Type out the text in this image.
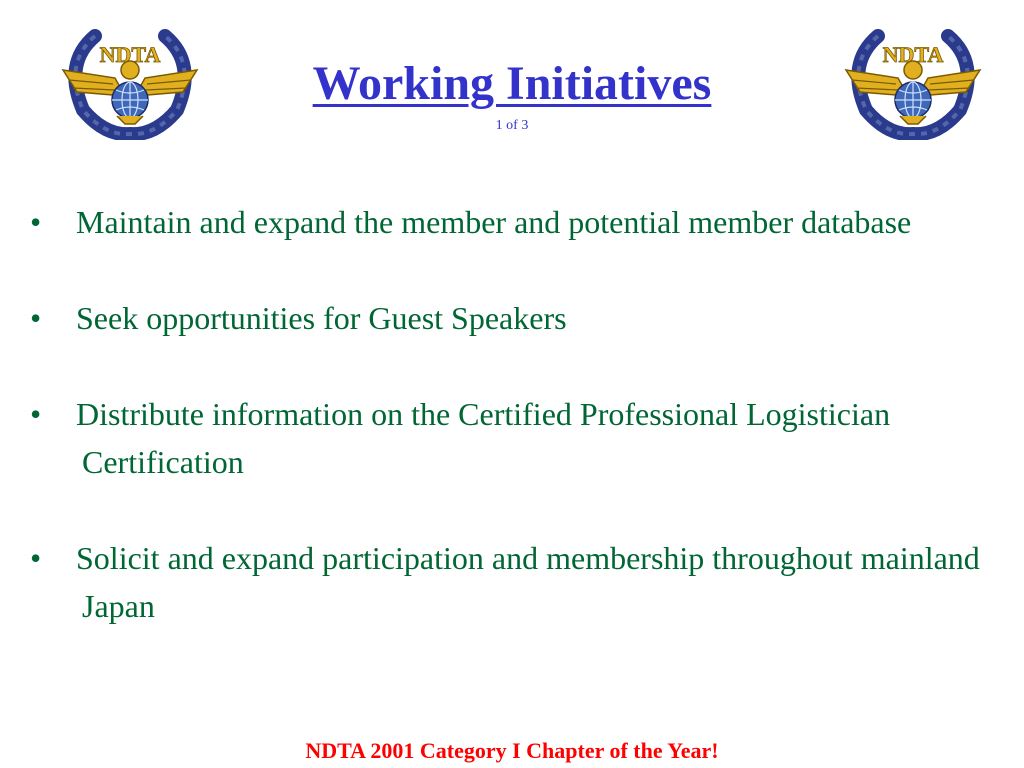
NDTA	NDTA
Working Initiatives
1 of 3
•	Maintain and expand the member and potential member database
•	Seek opportunities for Guest Speakers
•	Distribute information on the Certified Professional Logistician Certification
•	Solicit and expand participation and membership throughout mainland Japan
NDTA 2001 Category I Chapter of the Year!
